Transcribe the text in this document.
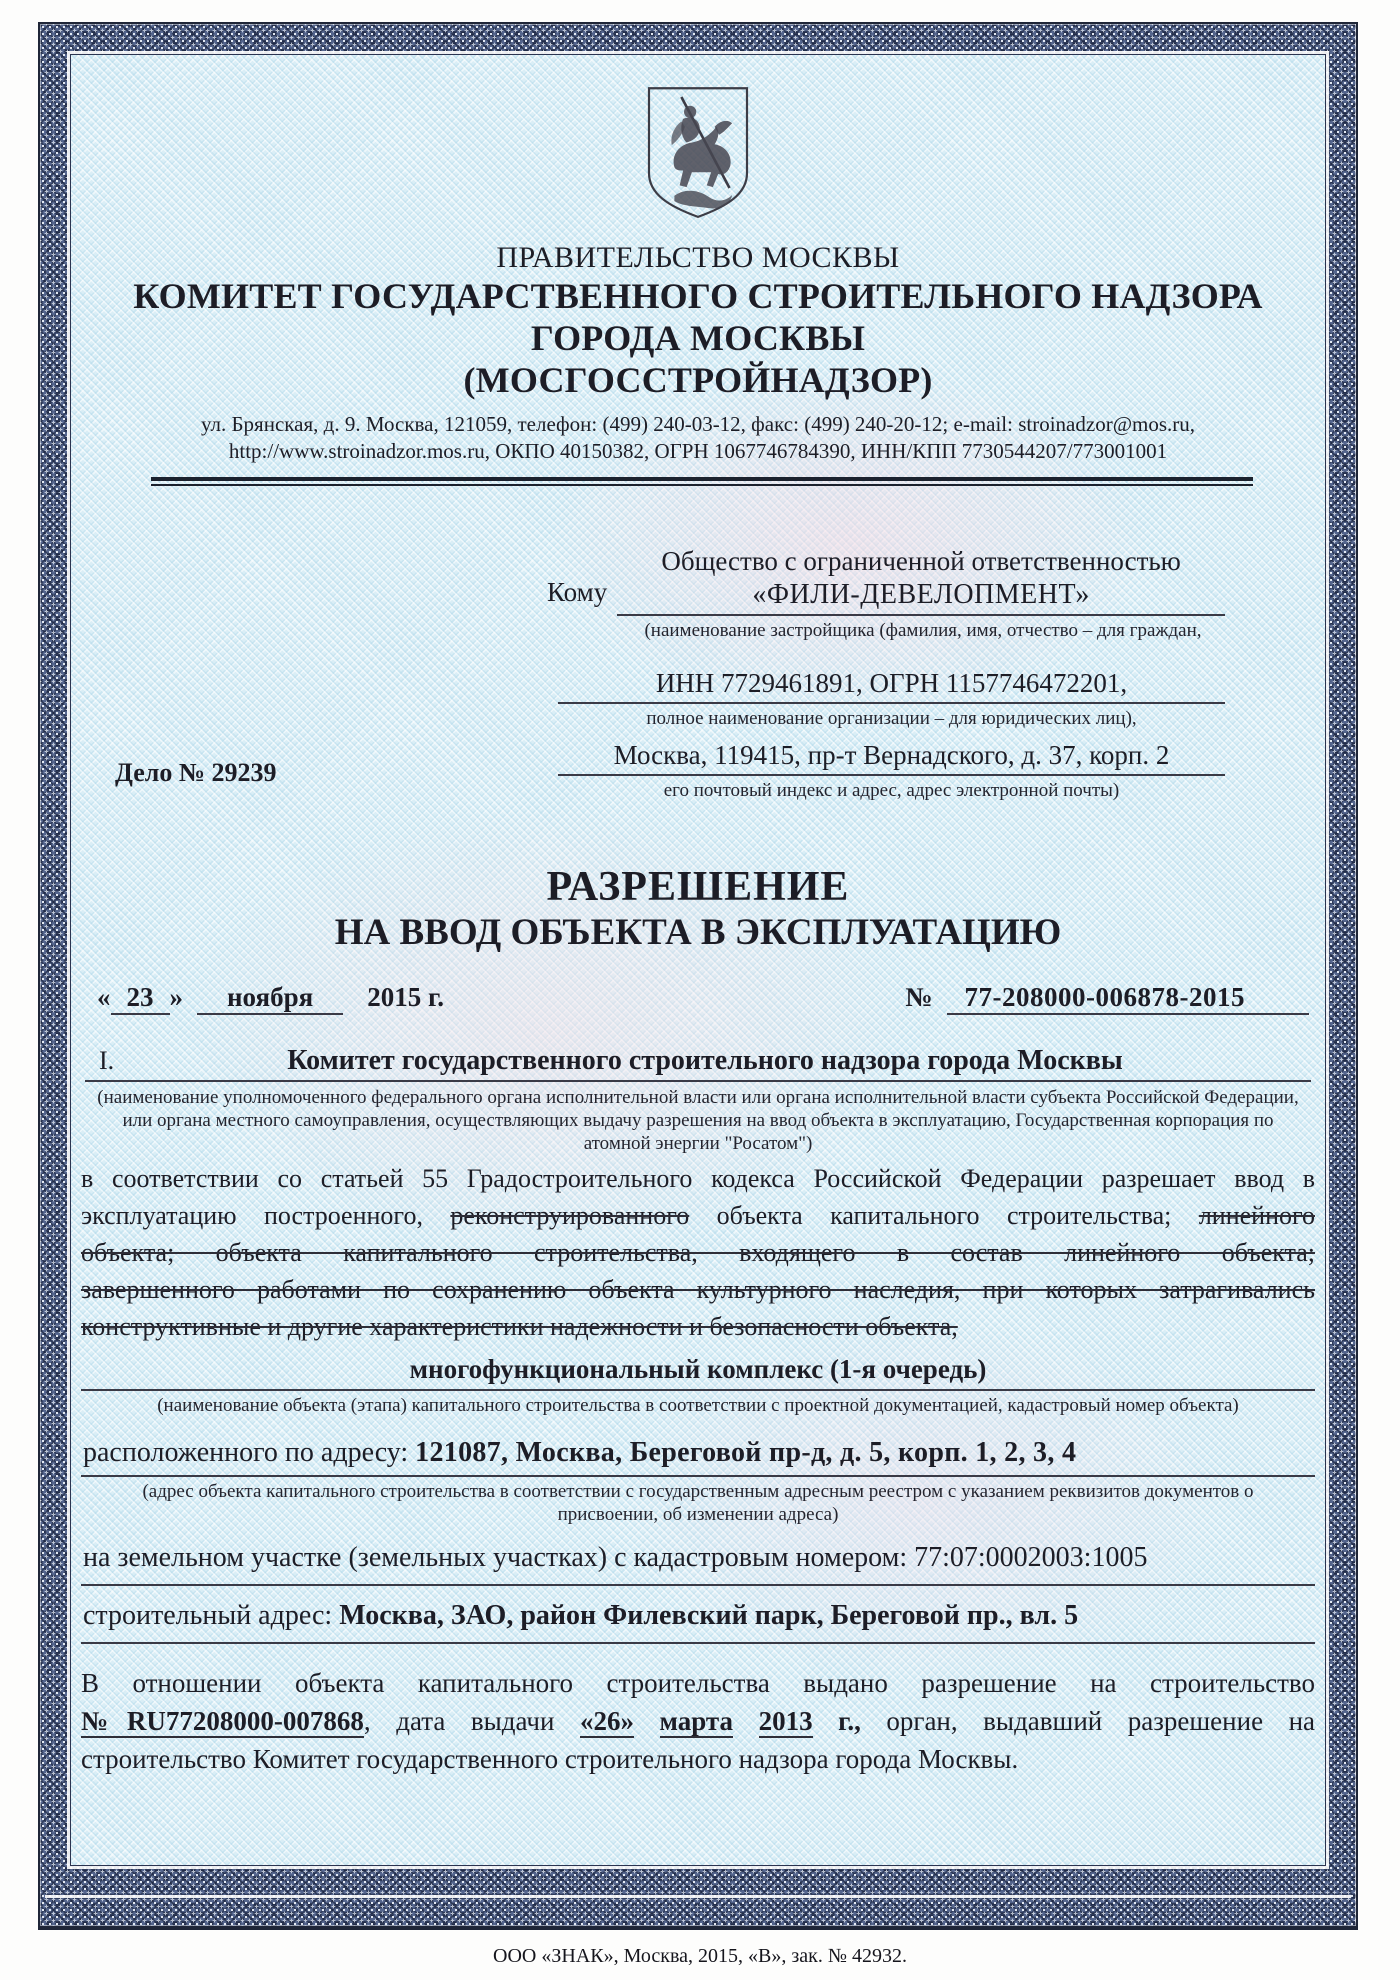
ПРАВИТЕЛЬСТВО МОСКВЫ
КОМИТЕТ ГОСУДАРСТВЕННОГО СТРОИТЕЛЬНОГО НАДЗОРА
ГОРОДА МОСКВЫ
(МОСГОССТРОЙНАДЗОР)
ул. Брянская, д. 9. Москва, 121059, телефон: (499) 240-03-12, факс: (499) 240-20-12; e-mail: stroinadzor@mos.ru,
http://www.stroinadzor.mos.ru, ОКПО 40150382, ОГРН 1067746784390, ИНН/КПП 7730544207/773001001
Кому
Общество с ограниченной ответственностью
«ФИЛИ-ДЕВЕЛОПМЕНТ»
(наименование застройщика (фамилия, имя, отчество – для граждан,
Дело № 29239
ИНН 7729461891, ОГРН 1157746472201,
полное наименование организации – для юридических лиц),
Москва, 119415, пр-т Вернадского, д. 37, корп. 2
его почтовый индекс и адрес, адрес электронной почты)
РАЗРЕШЕНИЕ
НА ВВОД ОБЪЕКТА В ЭКСПЛУАТАЦИЮ
« 23 »	ноября	2015 г.	№	77-208000-006878-2015
I.	Комитет государственного строительного надзора города Москвы
(наименование уполномоченного федерального органа исполнительной власти или органа исполнительной власти субъекта Российской Федерации,
или органа местного самоуправления, осуществляющих выдачу разрешения на ввод объекта в эксплуатацию, Государственная корпорация по
атомной энергии "Росатом")
в соответствии со статьей 55 Градостроительного кодекса Российской Федерации разрешает ввод в
эксплуатацию построенного, реконструированного объекта капитального строительства; линейного
объекта; объекта капитального строительства, входящего в состав линейного объекта;
завершенного работами по сохранению объекта культурного наследия, при которых затрагивались
конструктивные и другие характеристики надежности и безопасности объекта,
многофункциональный комплекс (1-я очередь)
(наименование объекта (этапа) капитального строительства в соответствии с проектной документацией, кадастровый номер объекта)
расположенного по адресу: 121087, Москва, Береговой пр-д, д. 5, корп. 1, 2, 3, 4
(адрес объекта капитального строительства в соответствии с государственным адресным реестром с указанием реквизитов документов о
присвоении, об изменении адреса)
на земельном участке (земельных участках) с кадастровым номером: 77:07:0002003:1005
строительный адрес: Москва, ЗАО, район Филевский парк, Береговой пр., вл. 5
В отношении объекта капитального строительства выдано разрешение на строительство
№RU77208000-007868, дата выдачи «26» марта 2013 г., орган, выдавший разрешение на
строительство Комитет государственного строительного надзора города Москвы.
ООО «ЗНАК», Москва, 2015, «В», зак. № 42932.
